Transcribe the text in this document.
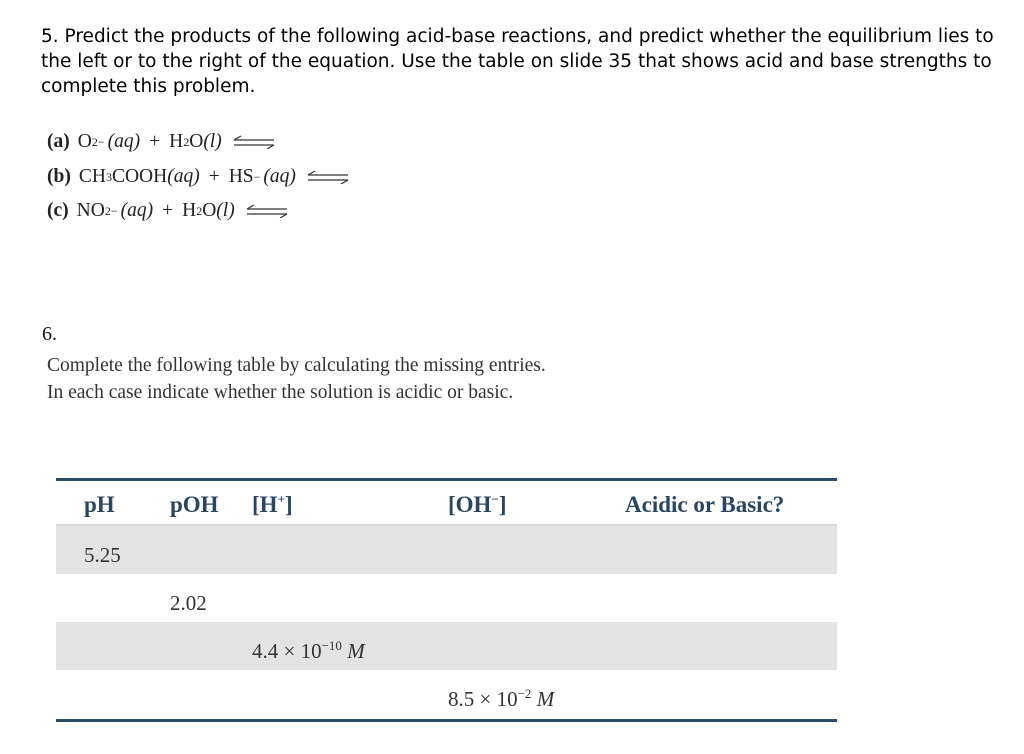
5. Predict the products of the following acid-base reactions, and predict whether the equilibrium lies to the left or to the right of the equation. Use the table on slide 35 that shows acid and base strengths to complete this problem.

(a) O 2− (aq) + H 2 O (l) ⇌
(b) CH 3 COOH (aq) + HS − (aq) ⇌
(c) NO 2 − (aq) + H 2 O (l) ⇌
6.
Complete the following table by calculating the missing entries.
In each case indicate whether the solution is acidic or basic.
pH pOH [H+]	[OH−]	Acidic or Basic?
5.25
2.02
$4.4 \times 10^{-10}$ M
$8.5 \times 10^{-2}$ M
